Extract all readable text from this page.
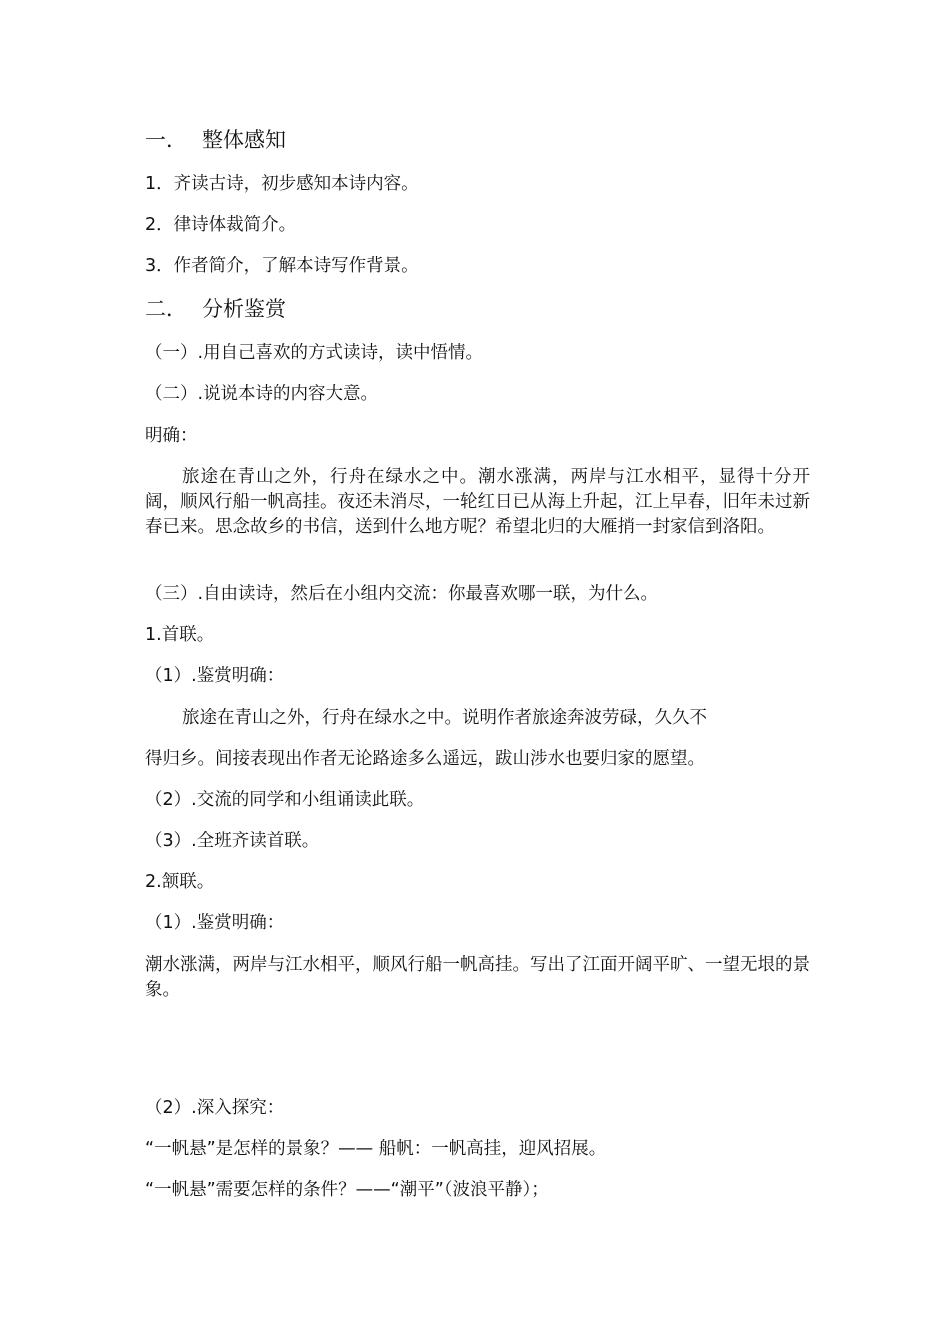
一． 整体感知
1．齐读古诗，初步感知本诗内容。
2．律诗体裁简介。
3．作者简介，了解本诗写作背景。
二． 分析鉴赏
（一）.用自己喜欢的方式读诗，读中悟情。
（二）.说说本诗的内容大意。
明确：
旅途在青山之外，行舟在绿水之中。潮水涨满，两岸与江水相平，显得十分开阔，顺风行船一帆高挂。夜还未消尽，一轮红日已从海上升起，江上早春，旧年未过新春已来。思念故乡的书信，送到什么地方呢？希望北归的大雁捎一封家信到洛阳。
（三）.自由读诗，然后在小组内交流：你最喜欢哪一联，为什么。
1.首联。
（1）.鉴赏明确：
旅途在青山之外，行舟在绿水之中。说明作者旅途奔波劳碌，久久不
得归乡。间接表现出作者无论路途多么遥远，跋山涉水也要归家的愿望。
（2）.交流的同学和小组诵读此联。
（3）.全班齐读首联。
2.颔联。
（1）.鉴赏明确：
潮水涨满，两岸与江水相平，顺风行船一帆高挂。写出了江面开阔平旷、一望无垠的景象。
（2）.深入探究：
“一帆悬”是怎样的景象？—— 船帆：一帆高挂，迎风招展。
“一帆悬”需要怎样的条件？——“潮平”（波浪平静）；
